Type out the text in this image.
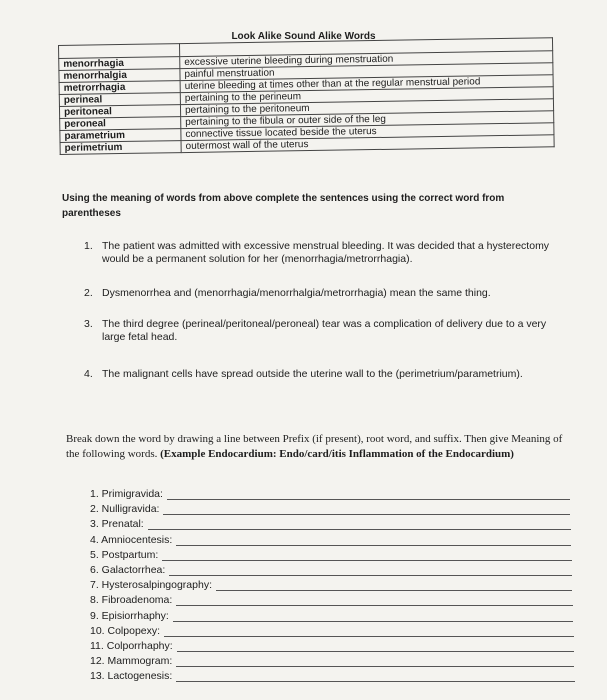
Look Alike Sound Alike Words

menorrhagia	excessive uterine bleeding during menstruation
menorrhalgia	painful menstruation
metrorrhagia	uterine bleeding at times other than at the regular menstrual period
perineal	pertaining to the perineum
peritoneal	pertaining to the peritoneum
peroneal	pertaining to the fibula or outer side of the leg
parametrium	connective tissue located beside the uterus
perimetrium	outermost wall of the uterus
Using the meaning of words from above complete the sentences using the correct word from parentheses
1. The patient was admitted with excessive menstrual bleeding. It was decided that a hysterectomy would be a permanent solution for her (menorrhagia/metrorrhagia).
2. Dysmenorrhea and (menorrhagia/menorrhalgia/metrorrhagia) mean the same thing.
3. The third degree (perineal/peritoneal/peroneal) tear was a complication of delivery due to a very large fetal head.
4. The malignant cells have spread outside the uterine wall to the (perimetrium/parametrium).
Break down the word by drawing a line between Prefix (if present), root word, and suffix. Then give Meaning of the following words. (Example Endocardium: Endo/card/itis Inflammation of the Endocardium)
1. Primigravida:
2. Nulligravida:
3. Prenatal:
4. Amniocentesis:
5. Postpartum:
6. Galactorrhea:
7. Hysterosalpingography:
8. Fibroadenoma:
9. Episiorrhaphy:
10. Colpopexy:
11. Colporrhaphy:
12. Mammogram:
13. Lactogenesis:
